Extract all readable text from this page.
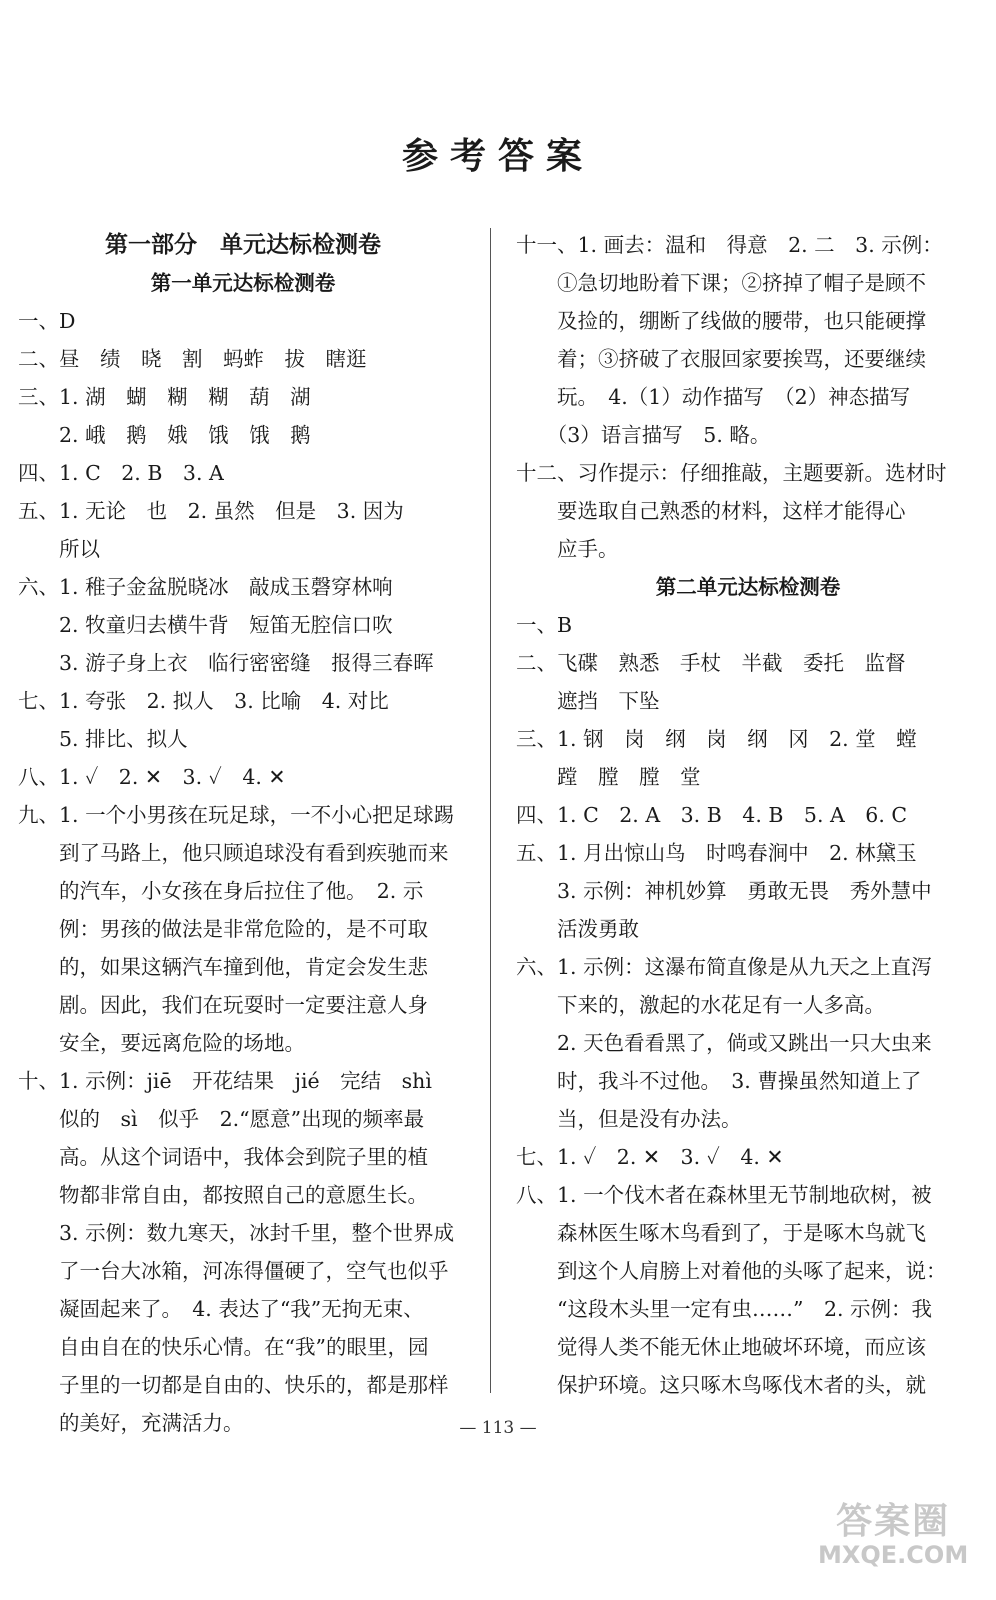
参考答案
第一部分　单元达标检测卷
第一单元达标检测卷
一、D
二、昼　绩　晓　割　蚂蚱　拔　瞎逛
三、1. 湖　蝴　糊　糊　葫　湖
　　2. 峨　鹅　娥　饿　饿　鹅
四、1. C　2. B　3. A
五、1. 无论　也　2. 虽然　但是　3. 因为
　　所以
六、1. 稚子金盆脱晓冰　敲成玉磬穿林响
　　2. 牧童归去横牛背　短笛无腔信口吹
　　3. 游子身上衣　临行密密缝　报得三春晖
七、1. 夸张　2. 拟人　3. 比喻　4. 对比
　　5. 排比、拟人
八、1. ✓　2. ✕　3. ✓　4. ✕
九、1. 一个小男孩在玩足球，一不小心把足球踢
　　到了马路上，他只顾追球没有看到疾驰而来
　　的汽车，小女孩在身后拉住了他。　2. 示
　　例：男孩的做法是非常危险的，是不可取
　　的，如果这辆汽车撞到他，肯定会发生悲
　　剧。因此，我们在玩耍时一定要注意人身
　　安全，要远离危险的场地。
十、1. 示例：jiē　开花结果　jié　完结　shì
　　似的　sì　似乎　2.“愿意”出现的频率最
　　高。从这个词语中，我体会到院子里的植
　　物都非常自由，都按照自己的意愿生长。
　　3. 示例：数九寒天，冰封千里，整个世界成
　　了一台大冰箱，河冻得僵硬了，空气也似乎
　　凝固起来了。　4. 表达了“我”无拘无束、
　　自由自在的快乐心情。在“我”的眼里，园
　　子里的一切都是自由的、快乐的，都是那样
　　的美好，充满活力。
十一、1. 画去：温和　得意　2. 二　3. 示例：
　　①急切地盼着下课；②挤掉了帽子是顾不
　　及捡的，绷断了线做的腰带，也只能硬撑
　　着；③挤破了衣服回家要挨骂，还要继续
　　玩。　4.（1）动作描写　（2）神态描写
　　（3）语言描写　5. 略。
十二、习作提示：仔细推敲，主题要新。选材时
　　要选取自己熟悉的材料，这样才能得心
　　应手。
第二单元达标检测卷
一、B
二、飞碟　熟悉　手杖　半截　委托　监督
　　遮挡　下坠
三、1. 钢　岗　纲　岗　纲　冈　2. 堂　螳
　　蹚　膛　膛　堂
四、1. C　2. A　3. B　4. B　5. A　6. C
五、1. 月出惊山鸟　时鸣春涧中　2. 林黛玉
　　3. 示例：神机妙算　勇敢无畏　秀外慧中
　　活泼勇敢
六、1. 示例：这瀑布简直像是从九天之上直泻
　　下来的，激起的水花足有一人多高。
　　2. 天色看看黑了，倘或又跳出一只大虫来
　　时，我斗不过他。　3. 曹操虽然知道上了
　　当，但是没有办法。
七、1. ✓　2. ✕　3. ✓　4. ✕
八、1. 一个伐木者在森林里无节制地砍树，被
　　森林医生啄木鸟看到了，于是啄木鸟就飞
　　到这个人肩膀上对着他的头啄了起来，说：
　　“这段木头里一定有虫……”　2. 示例：我
　　觉得人类不能无休止地破坏环境，而应该
　　保护环境。这只啄木鸟啄伐木者的头，就
— 113 —
答案圈
MXQE.COM
